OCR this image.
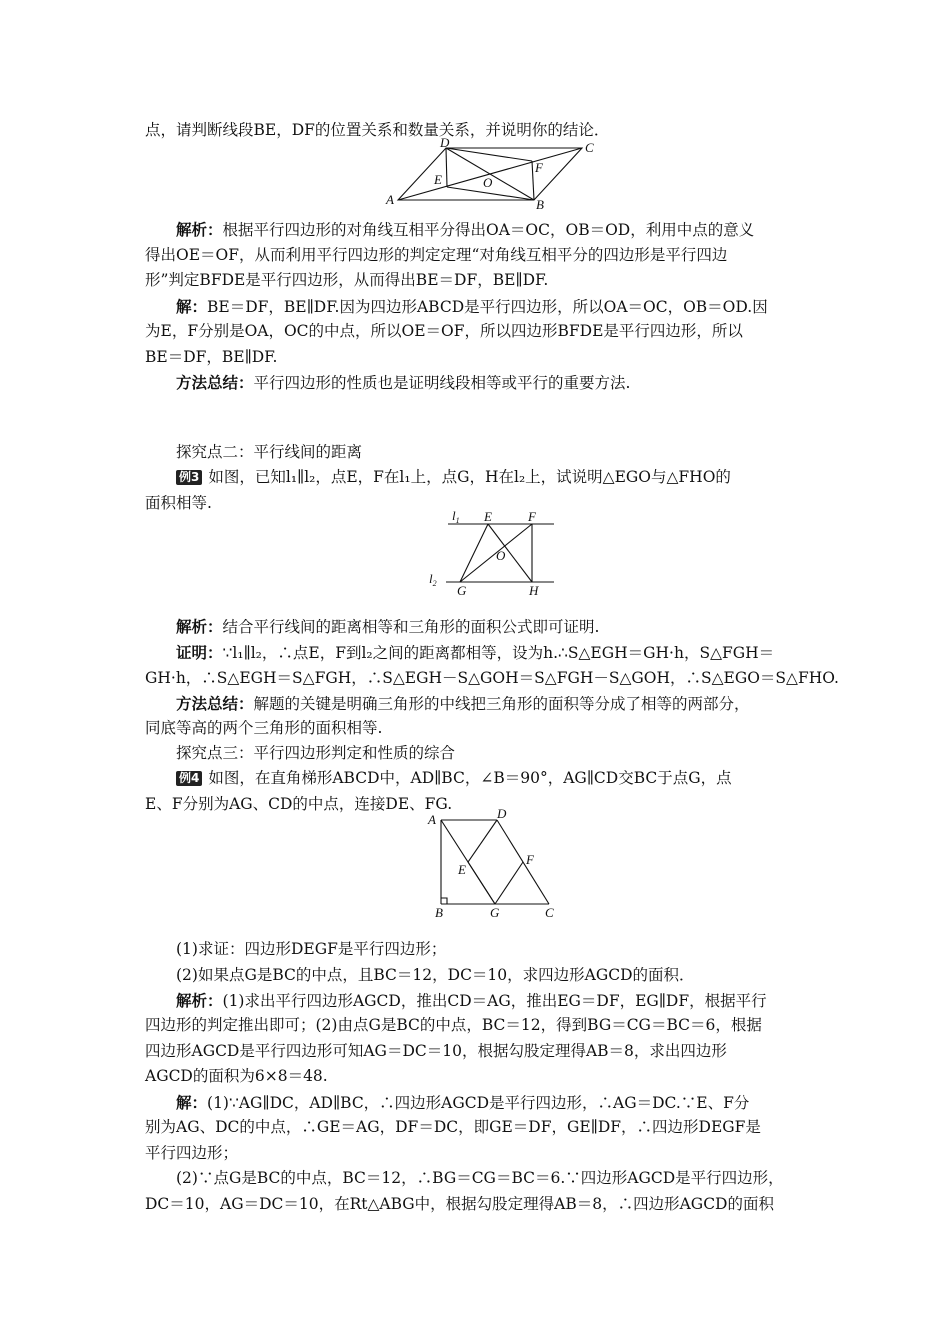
点，请判断线段BE，DF的位置关系和数量关系，并说明你的结论．

A
D	C
B
E
F
O

解析：根据平行四边形的对角线互相平分得出OA＝OC，OB＝OD，利用中点的意义

得出OE＝OF，从而利用平行四边形的判定定理“对角线互相平分的四边形是平行四边

形”判定BFDE是平行四边形，从而得出BE＝DF，BE∥DF.

解：BE＝DF，BE∥DF.因为四边形ABCD是平行四边形，所以OA＝OC，OB＝OD.因

为E，F分别是OA，OC的中点，所以OE＝OF，所以四边形BFDE是平行四边形，所以

BE＝DF，BE∥DF.

方法总结：平行四边形的性质也是证明线段相等或平行的重要方法.

探究点二：平行线间的距离

例3 如图，已知l₁∥l₂，点E，F在l₁上，点G，H在l₂上，试说明△EGO与△FHO的

面积相等.

$l_1$
$l_2$
E	F
O
G	H

解析：结合平行线间的距离相等和三角形的面积公式即可证明.

证明：∵l₁∥l₂，∴点E，F到l₂之间的距离都相等，设为h.∴S△EGH＝GH·h，S△FGH＝

GH·h，∴S△EGH＝S△FGH，∴S△EGH－S△GOH＝S△FGH－S△GOH，∴S△EGO＝S△FHO.

方法总结：解题的关键是明确三角形的中线把三角形的面积等分成了相等的两部分，

同底等高的两个三角形的面积相等.

探究点三：平行四边形判定和性质的综合

例4 如图，在直角梯形ABCD中，AD∥BC，∠B＝90°，AG∥CD交BC于点G，点

E、F分别为AG、CD的中点，连接DE、FG.

A	D
E
F
B	G	C

(1)求证：四边形DEGF是平行四边形；

(2)如果点G是BC的中点，且BC＝12，DC＝10，求四边形AGCD的面积．

解析：(1)求出平行四边形AGCD，推出CD＝AG，推出EG＝DF，EG∥DF，根据平行

四边形的判定推出即可；(2)由点G是BC的中点，BC＝12，得到BG＝CG＝BC＝6，根据

四边形AGCD是平行四边形可知AG＝DC＝10，根据勾股定理得AB＝8，求出四边形

AGCD的面积为6×8＝48.

解：(1)∵AG∥DC，AD∥BC，∴四边形AGCD是平行四边形，∴AG＝DC.∵E、F分

别为AG、DC的中点，∴GE＝AG，DF＝DC，即GE＝DF，GE∥DF，∴四边形DEGF是

平行四边形；

(2)∵点G是BC的中点，BC＝12，∴BG＝CG＝BC＝6.∵四边形AGCD是平行四边形，

DC＝10，AG＝DC＝10，在Rt△ABG中，根据勾股定理得AB＝8，∴四边形AGCD的面积
